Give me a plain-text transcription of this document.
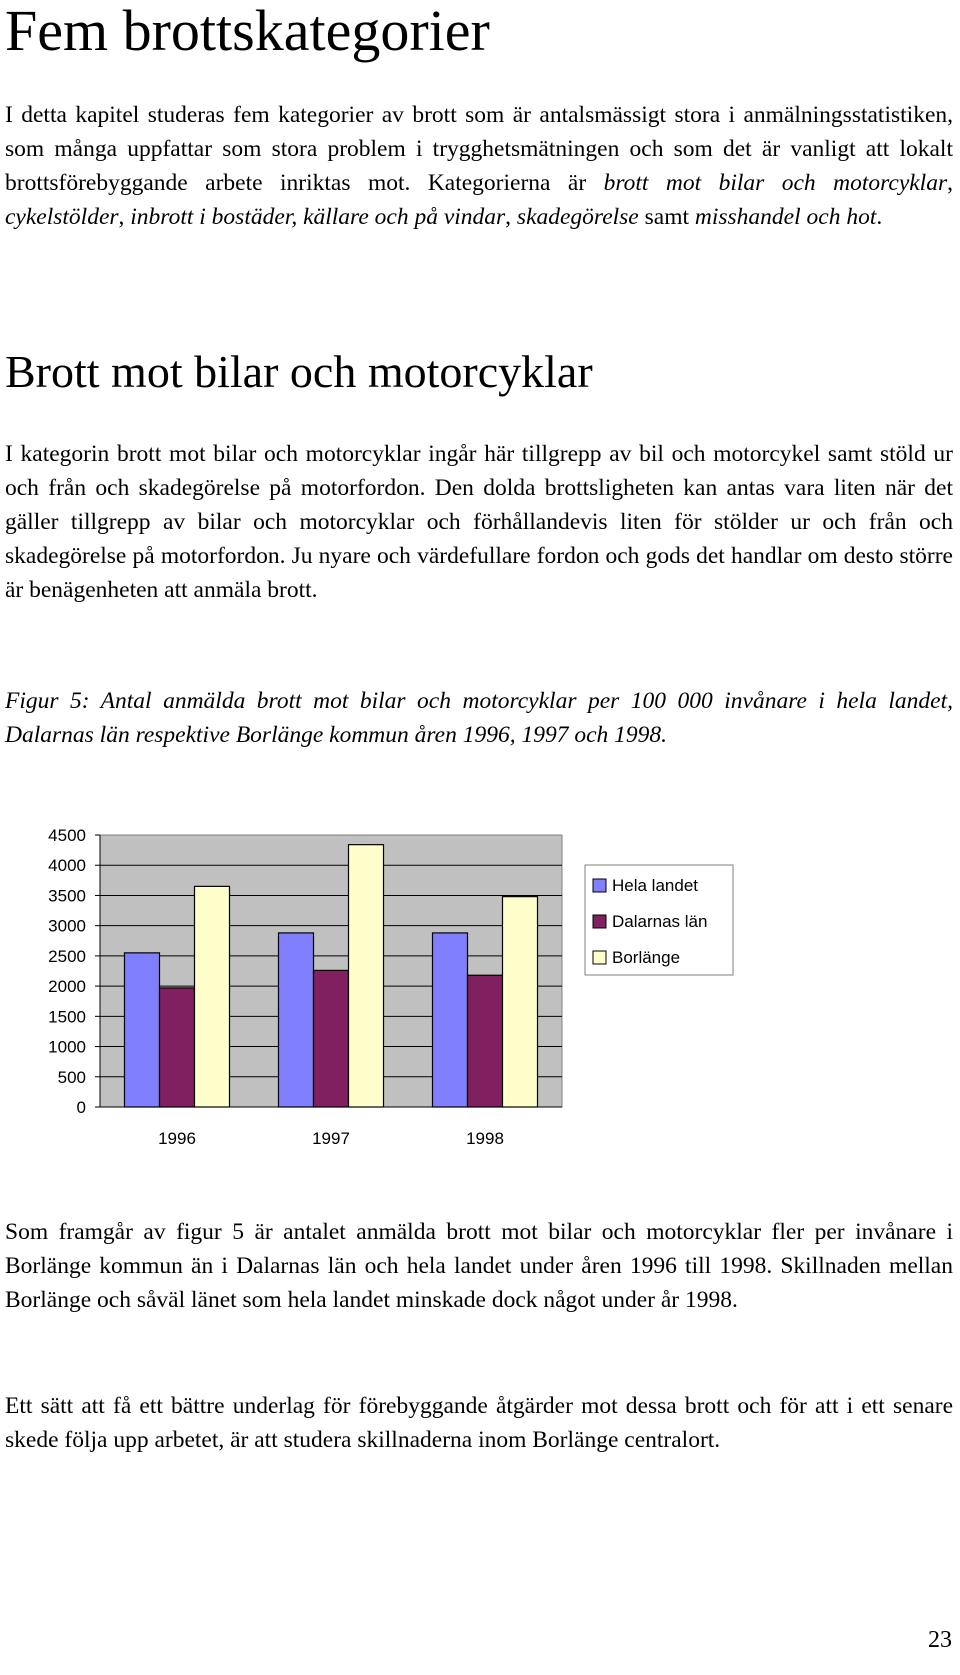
Fem brottskategorier

I detta kapitel studeras fem kategorier av brott som är antalsmässigt stora i anmälningsstatistiken, som många uppfattar som stora problem i trygghetsmätningen och som det är vanligt att lokalt brottsförebyggande arbete inriktas mot. Kategorierna är brott mot bilar och motorcyklar, cykelstölder, inbrott i bostäder, källare och på vindar, skadegörelse samt misshandel och hot.

Brott mot bilar och motorcyklar

I kategorin brott mot bilar och motorcyklar ingår här tillgrepp av bil och motorcykel samt stöld ur och från och skadegörelse på motorfordon. Den dolda brottsligheten kan antas vara liten när det gäller tillgrepp av bilar och motorcyklar och förhållandevis liten för stölder ur och från och skadegörelse på motorfordon. Ju nyare och värdefullare fordon och gods det handlar om desto större är benägenheten att anmäla brott.

Figur 5: Antal anmälda brott mot bilar och motorcyklar per 100 000 invånare i hela landet, Dalarnas län respektive Borlänge kommun åren 1996, 1997 och 1998.

0
500
1000
1500
2000
2500
3000
3500
4000
4500
1996	1997	1998
Hela landet
Dalarnas län
Borlänge

Som framgår av figur 5 är antalet anmälda brott mot bilar och motorcyklar fler per invånare i Borlänge kommun än i Dalarnas län och hela landet under åren 1996 till 1998. Skillnaden mellan Borlänge och såväl länet som hela landet minskade dock något under år 1998.

Ett sätt att få ett bättre underlag för förebyggande åtgärder mot dessa brott och för att i ett senare skede följa upp arbetet, är att studera skillnaderna inom Borlänge centralort.

23
